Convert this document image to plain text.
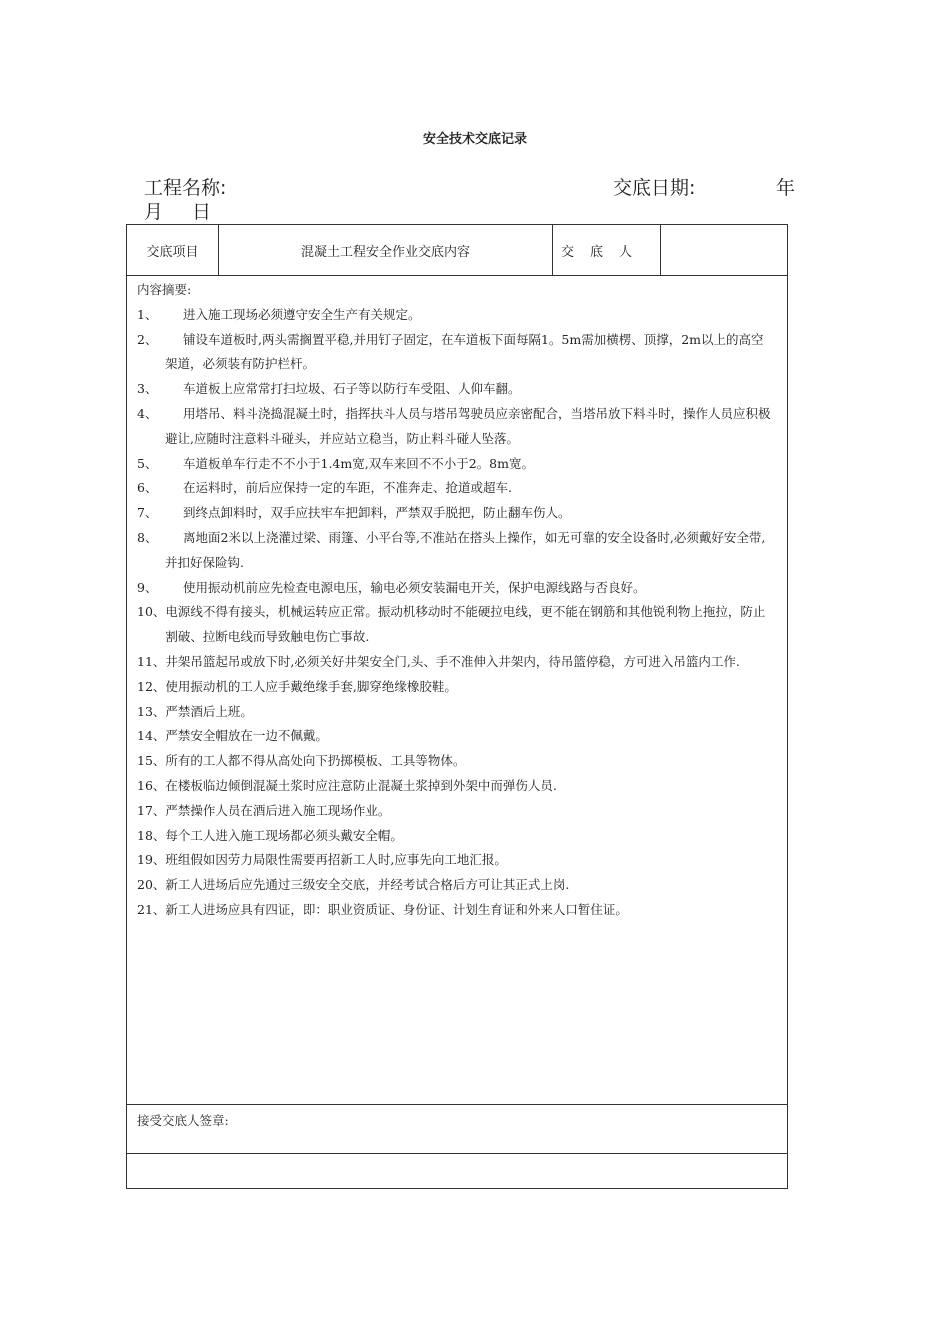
安全技术交底记录
工程名称:	交底日期:	年
月 日
交底项目	混凝土工程安全作业交底内容	交底人
内容摘要:
1、	进入施工现场必须遵守安全生产有关规定。
2、	铺设车道板时,两头需搁置平稳,并用钉子固定，在车道板下面每隔1。5m需加横楞、顶撑，2m以上的高空架道，必须装有防护栏杆。
3、	车道板上应常常打扫垃圾、石子等以防行车受阻、人仰车翻。
4、	用塔吊、料斗浇捣混凝土时，指挥扶斗人员与塔吊驾驶员应亲密配合，当塔吊放下料斗时，操作人员应积极避让,应随时注意料斗碰头，并应站立稳当，防止料斗碰人坠落。
5、	车道板单车行走不不小于1.4m宽,双车来回不不小于2。8m宽。
6、	在运料时，前后应保持一定的车距，不准奔走、抢道或超车.
7、	到终点卸料时，双手应扶牢车把卸料，严禁双手脱把，防止翻车伤人。
8、	离地面2米以上浇灌过梁、雨篷、小平台等,不准站在搭头上操作，如无可靠的安全设备时,必须戴好安全带,并扣好保险钩.
9、	使用振动机前应先检查电源电压，输电必须安装漏电开关，保护电源线路与否良好。
10、 电源线不得有接头，机械运转应正常。振动机移动时不能硬拉电线，更不能在钢筋和其他锐利物上拖拉，防止割破、拉断电线而导致触电伤亡事故.
11、 井架吊篮起吊或放下时,必须关好井架安全门,头、手不准伸入井架内，待吊篮停稳，方可进入吊篮内工作.
12、 使用振动机的工人应手戴绝缘手套,脚穿绝缘橡胶鞋。
13、 严禁酒后上班。
14、 严禁安全帽放在一边不佩戴。
15、 所有的工人都不得从高处向下扔掷模板、工具等物体。
16、 在楼板临边倾倒混凝土浆时应注意防止混凝土浆掉到外架中而弹伤人员.
17、 严禁操作人员在酒后进入施工现场作业。
18、 每个工人进入施工现场都必须头戴安全帽。
19、 班组假如因劳力局限性需要再招新工人时,应事先向工地汇报。
20、 新工人进场后应先通过三级安全交底，并经考试合格后方可让其正式上岗.
21、 新工人进场应具有四证，即：职业资质证、身份证、计划生育证和外来人口暂住证。
接受交底人签章:
